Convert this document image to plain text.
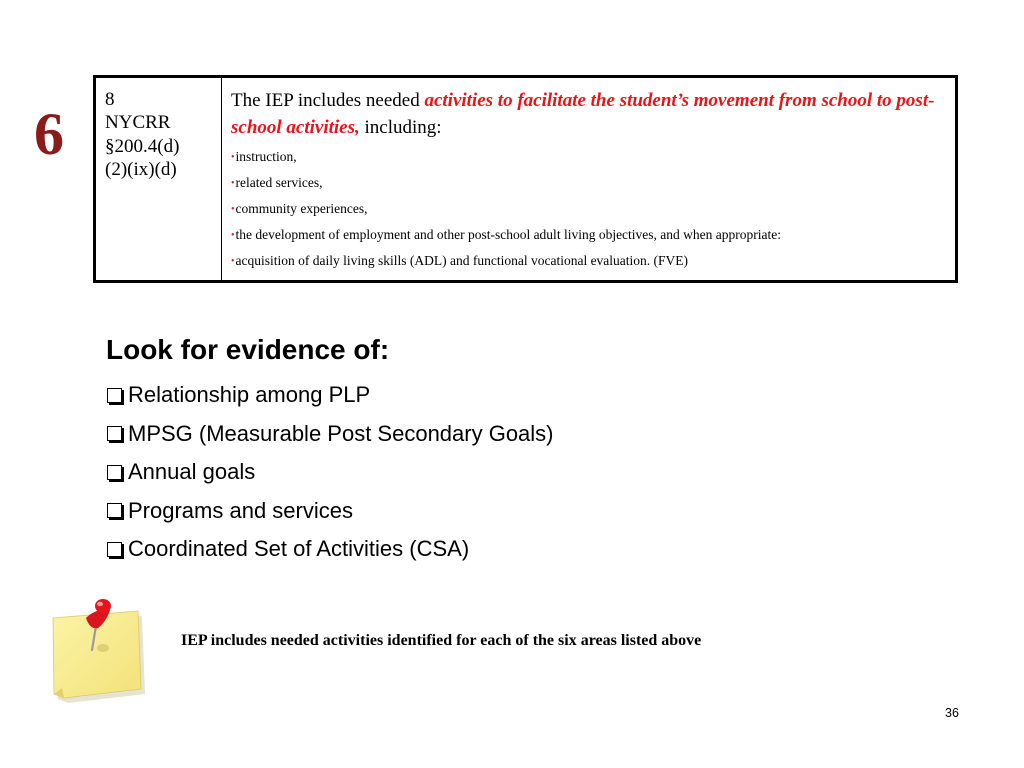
6
8
NYCRR
§200.4(d)
(2)(ix)(d)

The IEP includes needed activities to facilitate the student’s movement from school to post-school activities, including:
• instruction,
• related services,
• community experiences,
• the development of employment and other post-school adult living objectives, and when appropriate:
• acquisition of daily living skills (ADL) and functional vocational evaluation. (FVE)
Look for evidence of:
Relationship among PLP
MPSG (Measurable Post Secondary Goals)
Annual goals
Programs and services
Coordinated Set of Activities (CSA)
IEP includes needed activities identified for each of the six areas listed above
36
